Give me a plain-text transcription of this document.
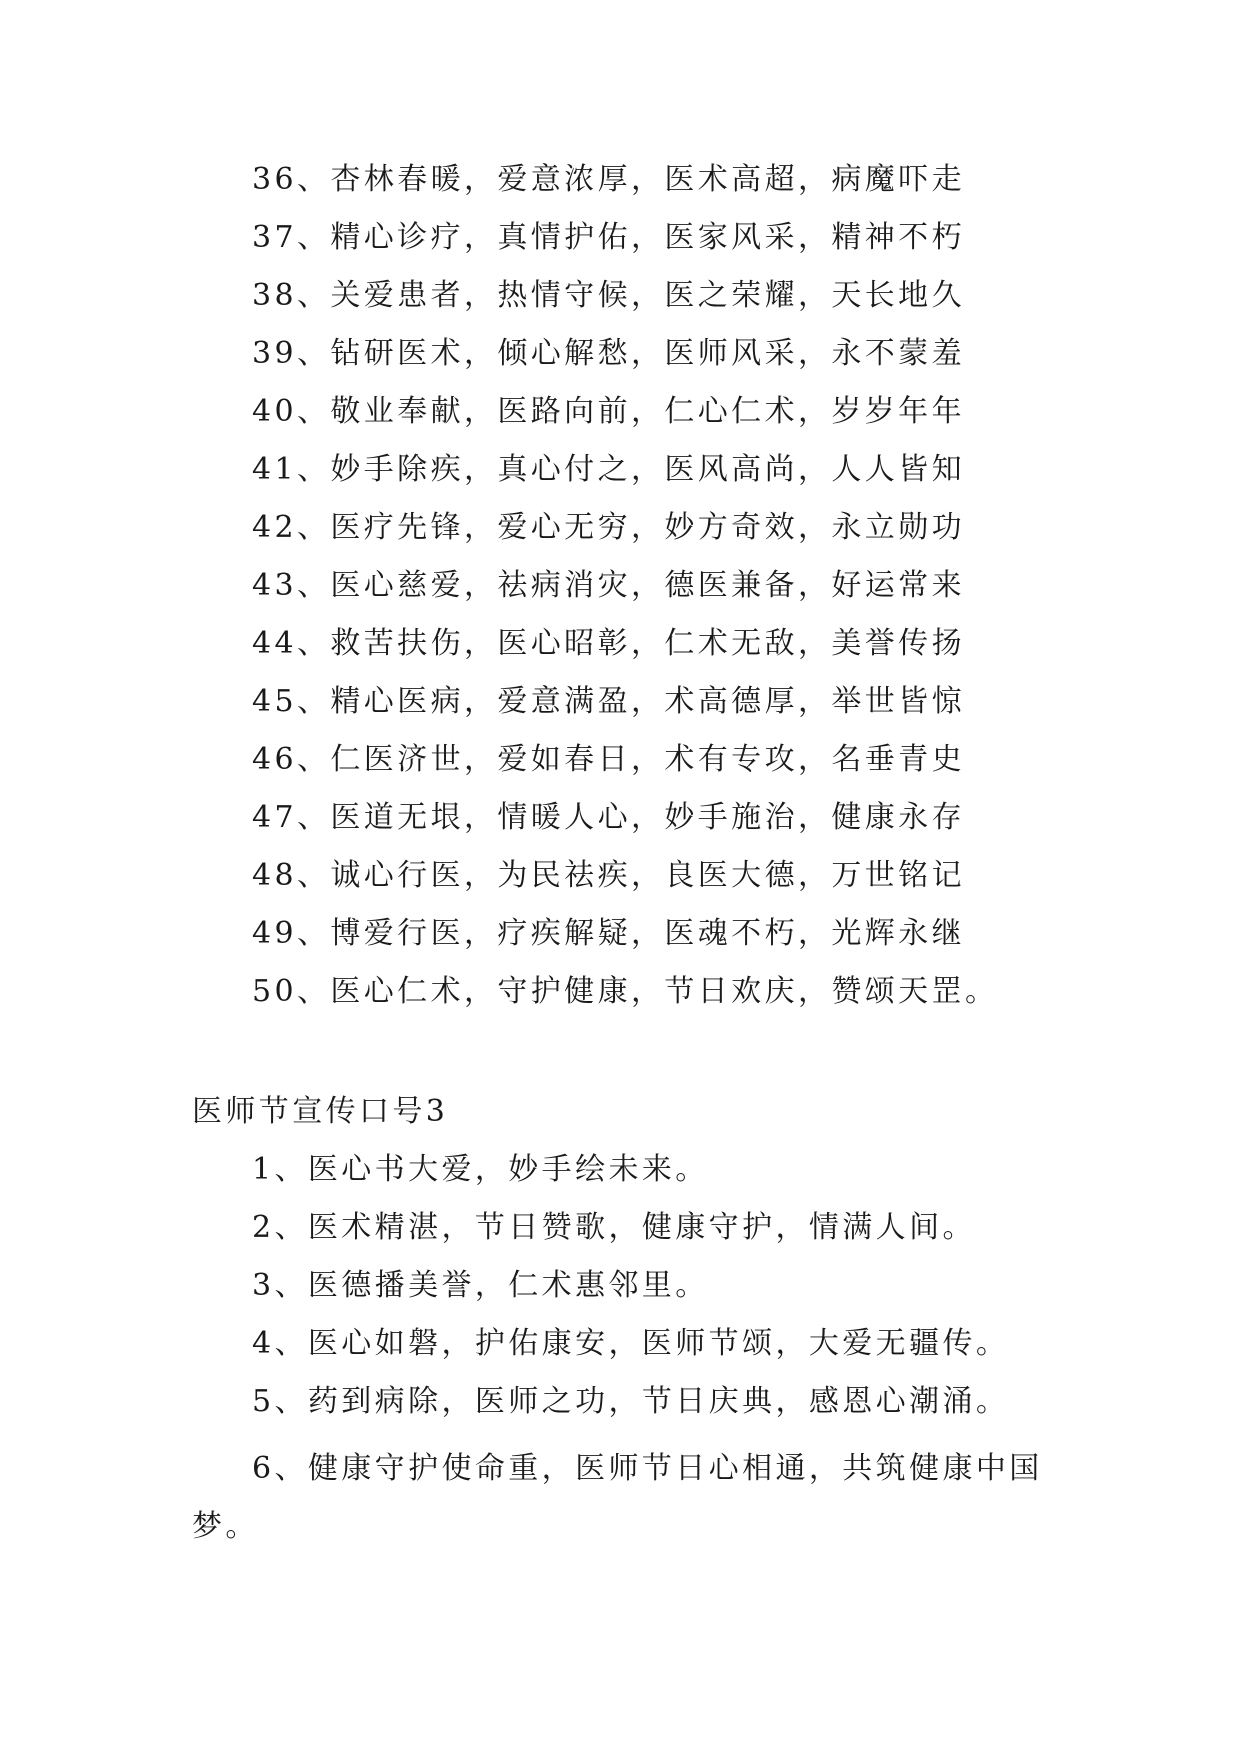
36、杏林春暖，爱意浓厚，医术高超，病魔吓走
37、精心诊疗，真情护佑，医家风采，精神不朽
38、关爱患者，热情守候，医之荣耀，天长地久
39、钻研医术，倾心解愁，医师风采，永不蒙羞
40、敬业奉献，医路向前，仁心仁术，岁岁年年
41、妙手除疾，真心付之，医风高尚，人人皆知
42、医疗先锋，爱心无穷，妙方奇效，永立勋功
43、医心慈爱，祛病消灾，德医兼备，好运常来
44、救苦扶伤，医心昭彰，仁术无敌，美誉传扬
45、精心医病，爱意满盈，术高德厚，举世皆惊
46、仁医济世，爱如春日，术有专攻，名垂青史
47、医道无垠，情暖人心，妙手施治，健康永存
48、诚心行医，为民祛疾，良医大德，万世铭记
49、博爱行医，疗疾解疑，医魂不朽，光辉永继
50、医心仁术，守护健康，节日欢庆，赞颂天罡。
医师节宣传口号3
1、医心书大爱，妙手绘未来。
2、医术精湛，节日赞歌，健康守护，情满人间。
3、医德播美誉，仁术惠邻里。
4、医心如磐，护佑康安，医师节颂，大爱无疆传。
5、药到病除，医师之功，节日庆典，感恩心潮涌。

6、健康守护使命重，医师节日心相通，共筑健康中国梦。
